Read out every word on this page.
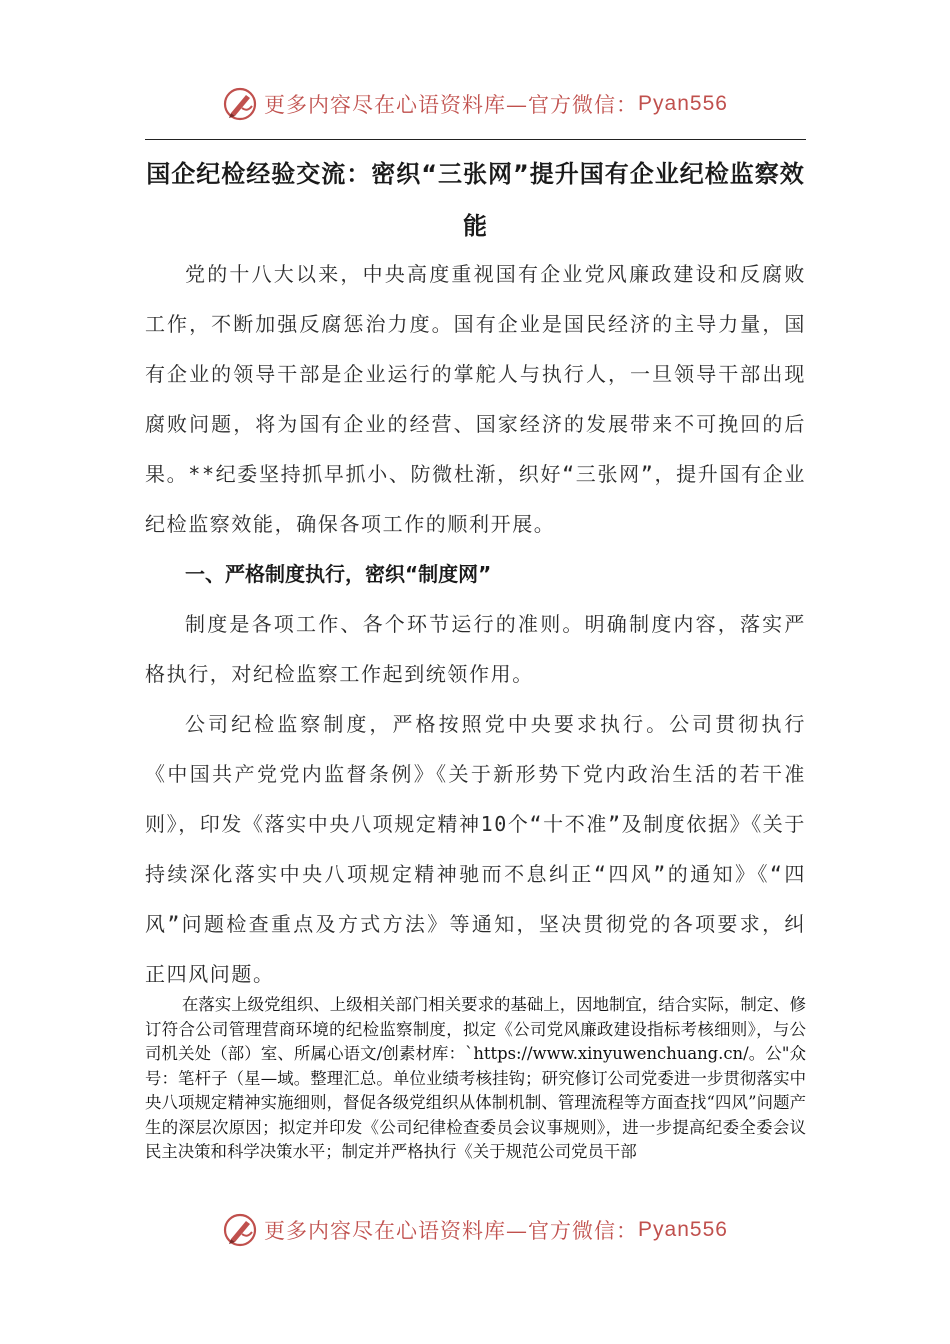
更多内容尽在心语资料库—官方微信： Pyan556
国企纪检经验交流：密织“三张网”提升国有企业纪检监察效能

党的十八大以来，中央高度重视国有企业党风廉政建设和反腐败工作，不断加强反腐惩治力度。国有企业是国民经济的主导力量，国有企业的领导干部是企业运行的掌舵人与执行人，一旦领导干部出现腐败问题，将为国有企业的经营、国家经济的发展带来不可挽回的后果。**纪委坚持抓早抓小、防微杜渐，织好“三张网”，提升国有企业纪检监察效能，确保各项工作的顺利开展。

一、严格制度执行，密织“制度网”

制度是各项工作、各个环节运行的准则。明确制度内容，落实严格执行，对纪检监察工作起到统领作用。

公司纪检监察制度，严格按照党中央要求执行。公司贯彻执行《中国共产党党内监督条例》《关于新形势下党内政治生活的若干准则》，印发《落实中央八项规定精神10个“十不准”及制度依据》《关于持续深化落实中央八项规定精神驰而不息纠正“四风”的通知》《“四风”问题检查重点及方式方法》等通知，坚决贯彻党的各项要求，纠正四风问题。

在落实上级党组织、上级相关部门相关要求的基础上，因地制宜，结合实际，制定、修订符合公司管理营商环境的纪检监察制度，拟定《公司党风廉政建设指标考核细则》，与公司机关处（部）室、所属心语文/创素材库：`https://www.xinyuwenchuang.cn/。公"众号：笔杆子（星—域。整理汇总。单位业绩考核挂钩；研究修订公司党委进一步贯彻落实中央八项规定精神实施细则，督促各级党组织从体制机制、管理流程等方面查找“四风”问题产生的深层次原因；拟定并印发《公司纪律检查委员会议事规则》，进一步提高纪委全委会议民主决策和科学决策水平；制定并严格执行《关于规范公司党员干部

更多内容尽在心语资料库—官方微信： Pyan556
